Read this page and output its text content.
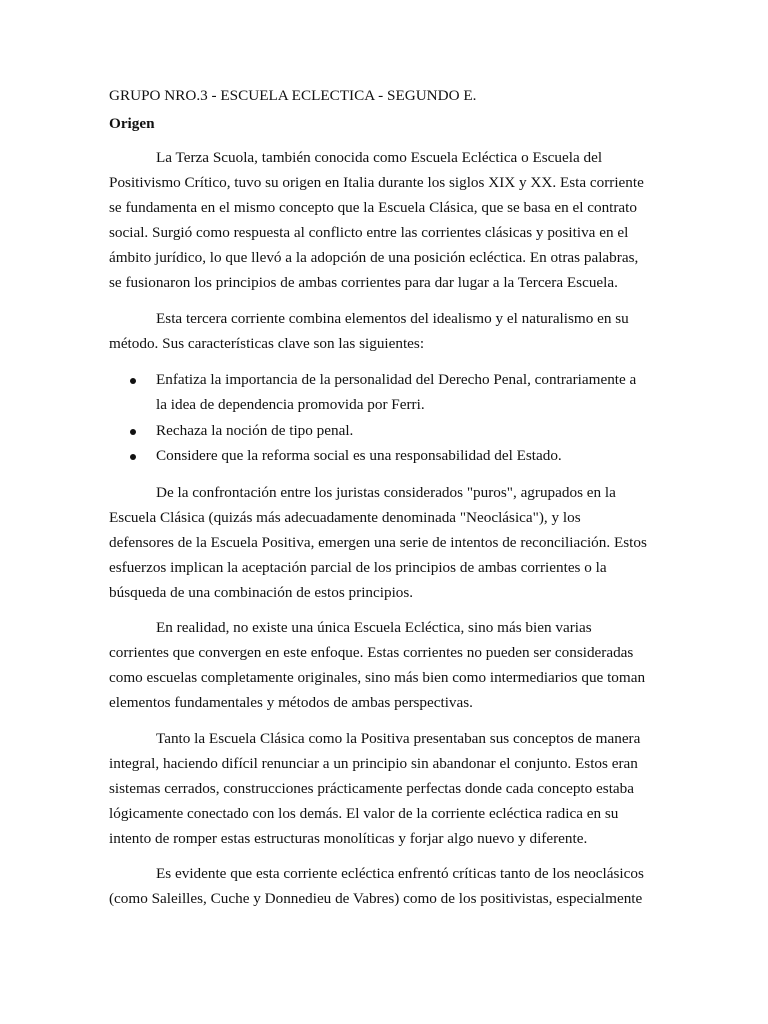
GRUPO NRO.3 - ESCUELA ECLECTICA - SEGUNDO E.
Origen
La Terza Scuola, también conocida como Escuela Ecléctica o Escuela del
Positivismo Crítico, tuvo su origen en Italia durante los siglos XIX y XX. Esta corriente
se fundamenta en el mismo concepto que la Escuela Clásica, que se basa en el contrato
social. Surgió como respuesta al conflicto entre las corrientes clásicas y positiva en el
ámbito jurídico, lo que llevó a la adopción de una posición ecléctica. En otras palabras,
se fusionaron los principios de ambas corrientes para dar lugar a la Tercera Escuela.
Esta tercera corriente combina elementos del idealismo y el naturalismo en su
método. Sus características clave son las siguientes:
Enfatiza la importancia de la personalidad del Derecho Penal, contrariamente a
la idea de dependencia promovida por Ferri.
Rechaza la noción de tipo penal.
Considere que la reforma social es una responsabilidad del Estado.
De la confrontación entre los juristas considerados "puros", agrupados en la
Escuela Clásica (quizás más adecuadamente denominada "Neoclásica"), y los
defensores de la Escuela Positiva, emergen una serie de intentos de reconciliación. Estos
esfuerzos implican la aceptación parcial de los principios de ambas corrientes o la
búsqueda de una combinación de estos principios.
En realidad, no existe una única Escuela Ecléctica, sino más bien varias
corrientes que convergen en este enfoque. Estas corrientes no pueden ser consideradas
como escuelas completamente originales, sino más bien como intermediarios que toman
elementos fundamentales y métodos de ambas perspectivas.
Tanto la Escuela Clásica como la Positiva presentaban sus conceptos de manera
integral, haciendo difícil renunciar a un principio sin abandonar el conjunto. Estos eran
sistemas cerrados, construcciones prácticamente perfectas donde cada concepto estaba
lógicamente conectado con los demás. El valor de la corriente ecléctica radica en su
intento de romper estas estructuras monolíticas y forjar algo nuevo y diferente.
Es evidente que esta corriente ecléctica enfrentó críticas tanto de los neoclásicos
(como Saleilles, Cuche y Donnedieu de Vabres) como de los positivistas, especialmente
